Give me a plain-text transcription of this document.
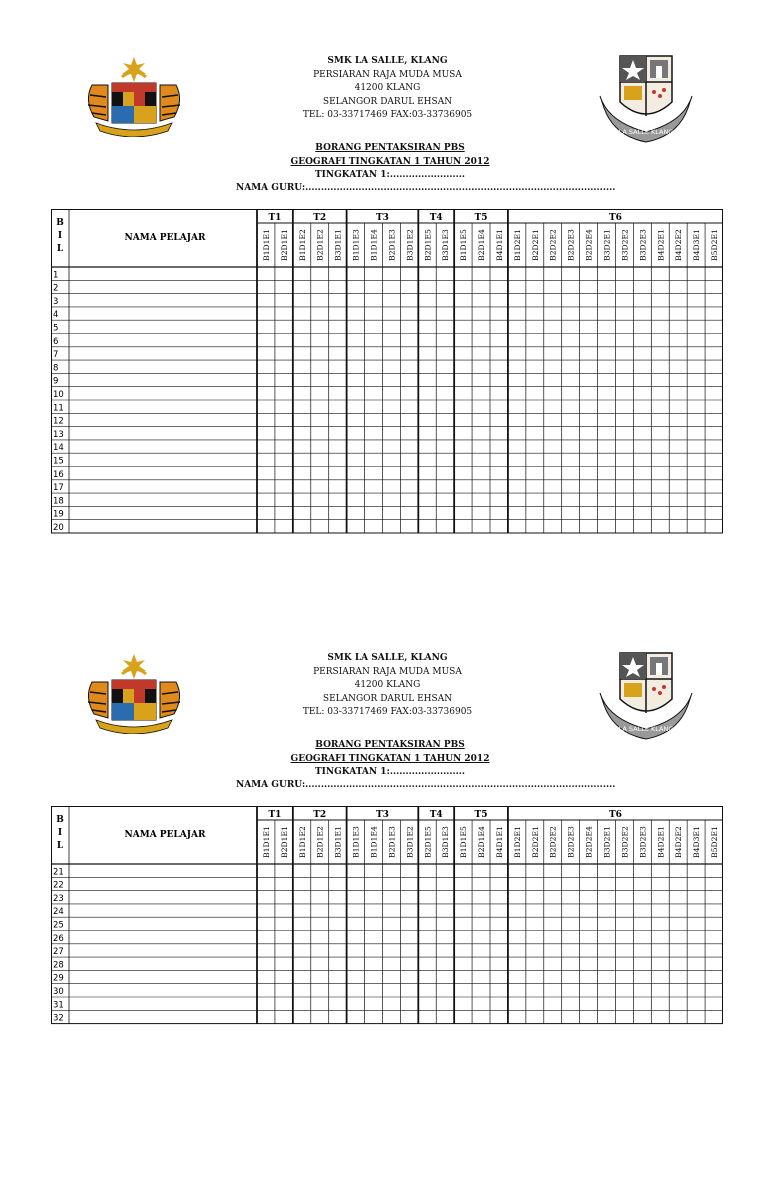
LA SALLE KLANG
SMK LA SALLE, KLANG
PERSIARAN RAJA MUDA MUSA
41200 KLANG
SELANGOR DARUL EHSAN
TEL: 03-33717469 FAX:03-33736905
BORANG PENTAKSIRAN PBS
GEOGRAFI TINGKATAN 1 TAHUN 2012
TINGKATAN 1:........................
NAMA GURU:...................................................................................................
B
I
L
NAMA PELAJAR
T1	T2	T3	T4	T5	T6
B1D1E1 B2D1E1 B1D1E2 B2D1E2 B3D1E1 B1D1E3 B1D1E4 B2D1E3 B3D1E2 B2D1E5 B3D1E3 B1D1E5 B2D1E4 B4D1E1 B1D2E1 B2D2E1 B2D2E2 B2D2E3 B2D2E4 B3D2E1 B3D2E2 B3D2E3 B4D2E1 B4D2E2 B4D3E1 B5D2E1
1
2
3
4
5
6
7
8
9
10
11
12
13
14
15
16
17
18
19
20
LA SALLE KLANG
SMK LA SALLE, KLANG
PERSIARAN RAJA MUDA MUSA
41200 KLANG
SELANGOR DARUL EHSAN
TEL: 03-33717469 FAX:03-33736905
BORANG PENTAKSIRAN PBS
GEOGRAFI TINGKATAN 1 TAHUN 2012
TINGKATAN 1:........................
NAMA GURU:...................................................................................................
B
I
L
NAMA PELAJAR
T1	T2	T3	T4	T5	T6
B1D1E1 B2D1E1 B1D1E2 B2D1E2 B3D1E1 B1D1E3 B1D1E4 B2D1E3 B3D1E2 B2D1E5 B3D1E3 B1D1E5 B2D1E4 B4D1E1 B1D2E1 B2D2E1 B2D2E2 B2D2E3 B2D2E4 B3D2E1 B3D2E2 B3D2E3 B4D2E1 B4D2E2 B4D3E1 B5D2E1
21
22
23
24
25
26
27
28
29
30
31
32
